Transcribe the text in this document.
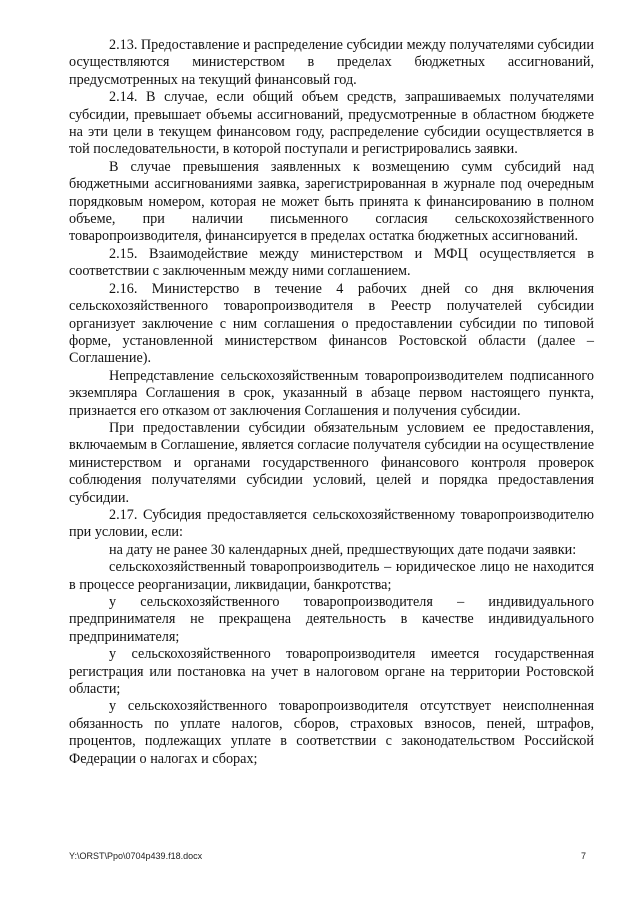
2.13. Предоставление и распределение субсидии между получателями субсидии осуществляются министерством в пределах бюджетных ассигнований, предусмотренных на текущий финансовый год.

2.14. В случае, если общий объем средств, запрашиваемых получателями субсидии, превышает объемы ассигнований, предусмотренные в областном бюджете на эти цели в текущем финансовом году, распределение субсидии осуществляется в той последовательности, в которой поступали и регистрировались заявки.

В случае превышения заявленных к возмещению сумм субсидий над бюджетными ассигнованиями заявка, зарегистрированная в журнале под очередным порядковым номером, которая не может быть принята к финансированию в полном объеме, при наличии письменного согласия сельскохозяйственного товаропроизводителя, финансируется в пределах остатка бюджетных ассигнований.

2.15. Взаимодействие между министерством и МФЦ осуществляется в соответствии с заключенным между ними соглашением.

2.16. Министерство в течение 4 рабочих дней со дня включения сельскохозяйственного товаропроизводителя в Реестр получателей субсидии организует заключение с ним соглашения о предоставлении субсидии по типовой форме, установленной министерством финансов Ростовской области (далее – Соглашение).

Непредставление сельскохозяйственным товаропроизводителем подписанного экземпляра Соглашения в срок, указанный в абзаце первом настоящего пункта, признается его отказом от заключения Соглашения и получения субсидии.

При предоставлении субсидии обязательным условием ее предоставления, включаемым в Соглашение, является согласие получателя субсидии на осуществление министерством и органами государственного финансового контроля проверок соблюдения получателями субсидии условий, целей и порядка предоставления субсидии.

2.17. Субсидия предоставляется сельскохозяйственному товаропроизводителю при условии, если:

на дату не ранее 30 календарных дней, предшествующих дате подачи заявки:

сельскохозяйственный товаропроизводитель – юридическое лицо не находится в процессе реорганизации, ликвидации, банкротства;

у сельскохозяйственного товаропроизводителя – индивидуального предпринимателя не прекращена деятельность в качестве индивидуального предпринимателя;

у сельскохозяйственного товаропроизводителя имеется государственная регистрация или постановка на учет в налоговом органе на территории Ростовской области;

у сельскохозяйственного товаропроизводителя отсутствует неисполненная обязанность по уплате налогов, сборов, страховых взносов, пеней, штрафов, процентов, подлежащих уплате в соответствии с законодательством Российской Федерации о налогах и сборах;

Y:\ORST\Ppo\0704p439.f18.docx	7
